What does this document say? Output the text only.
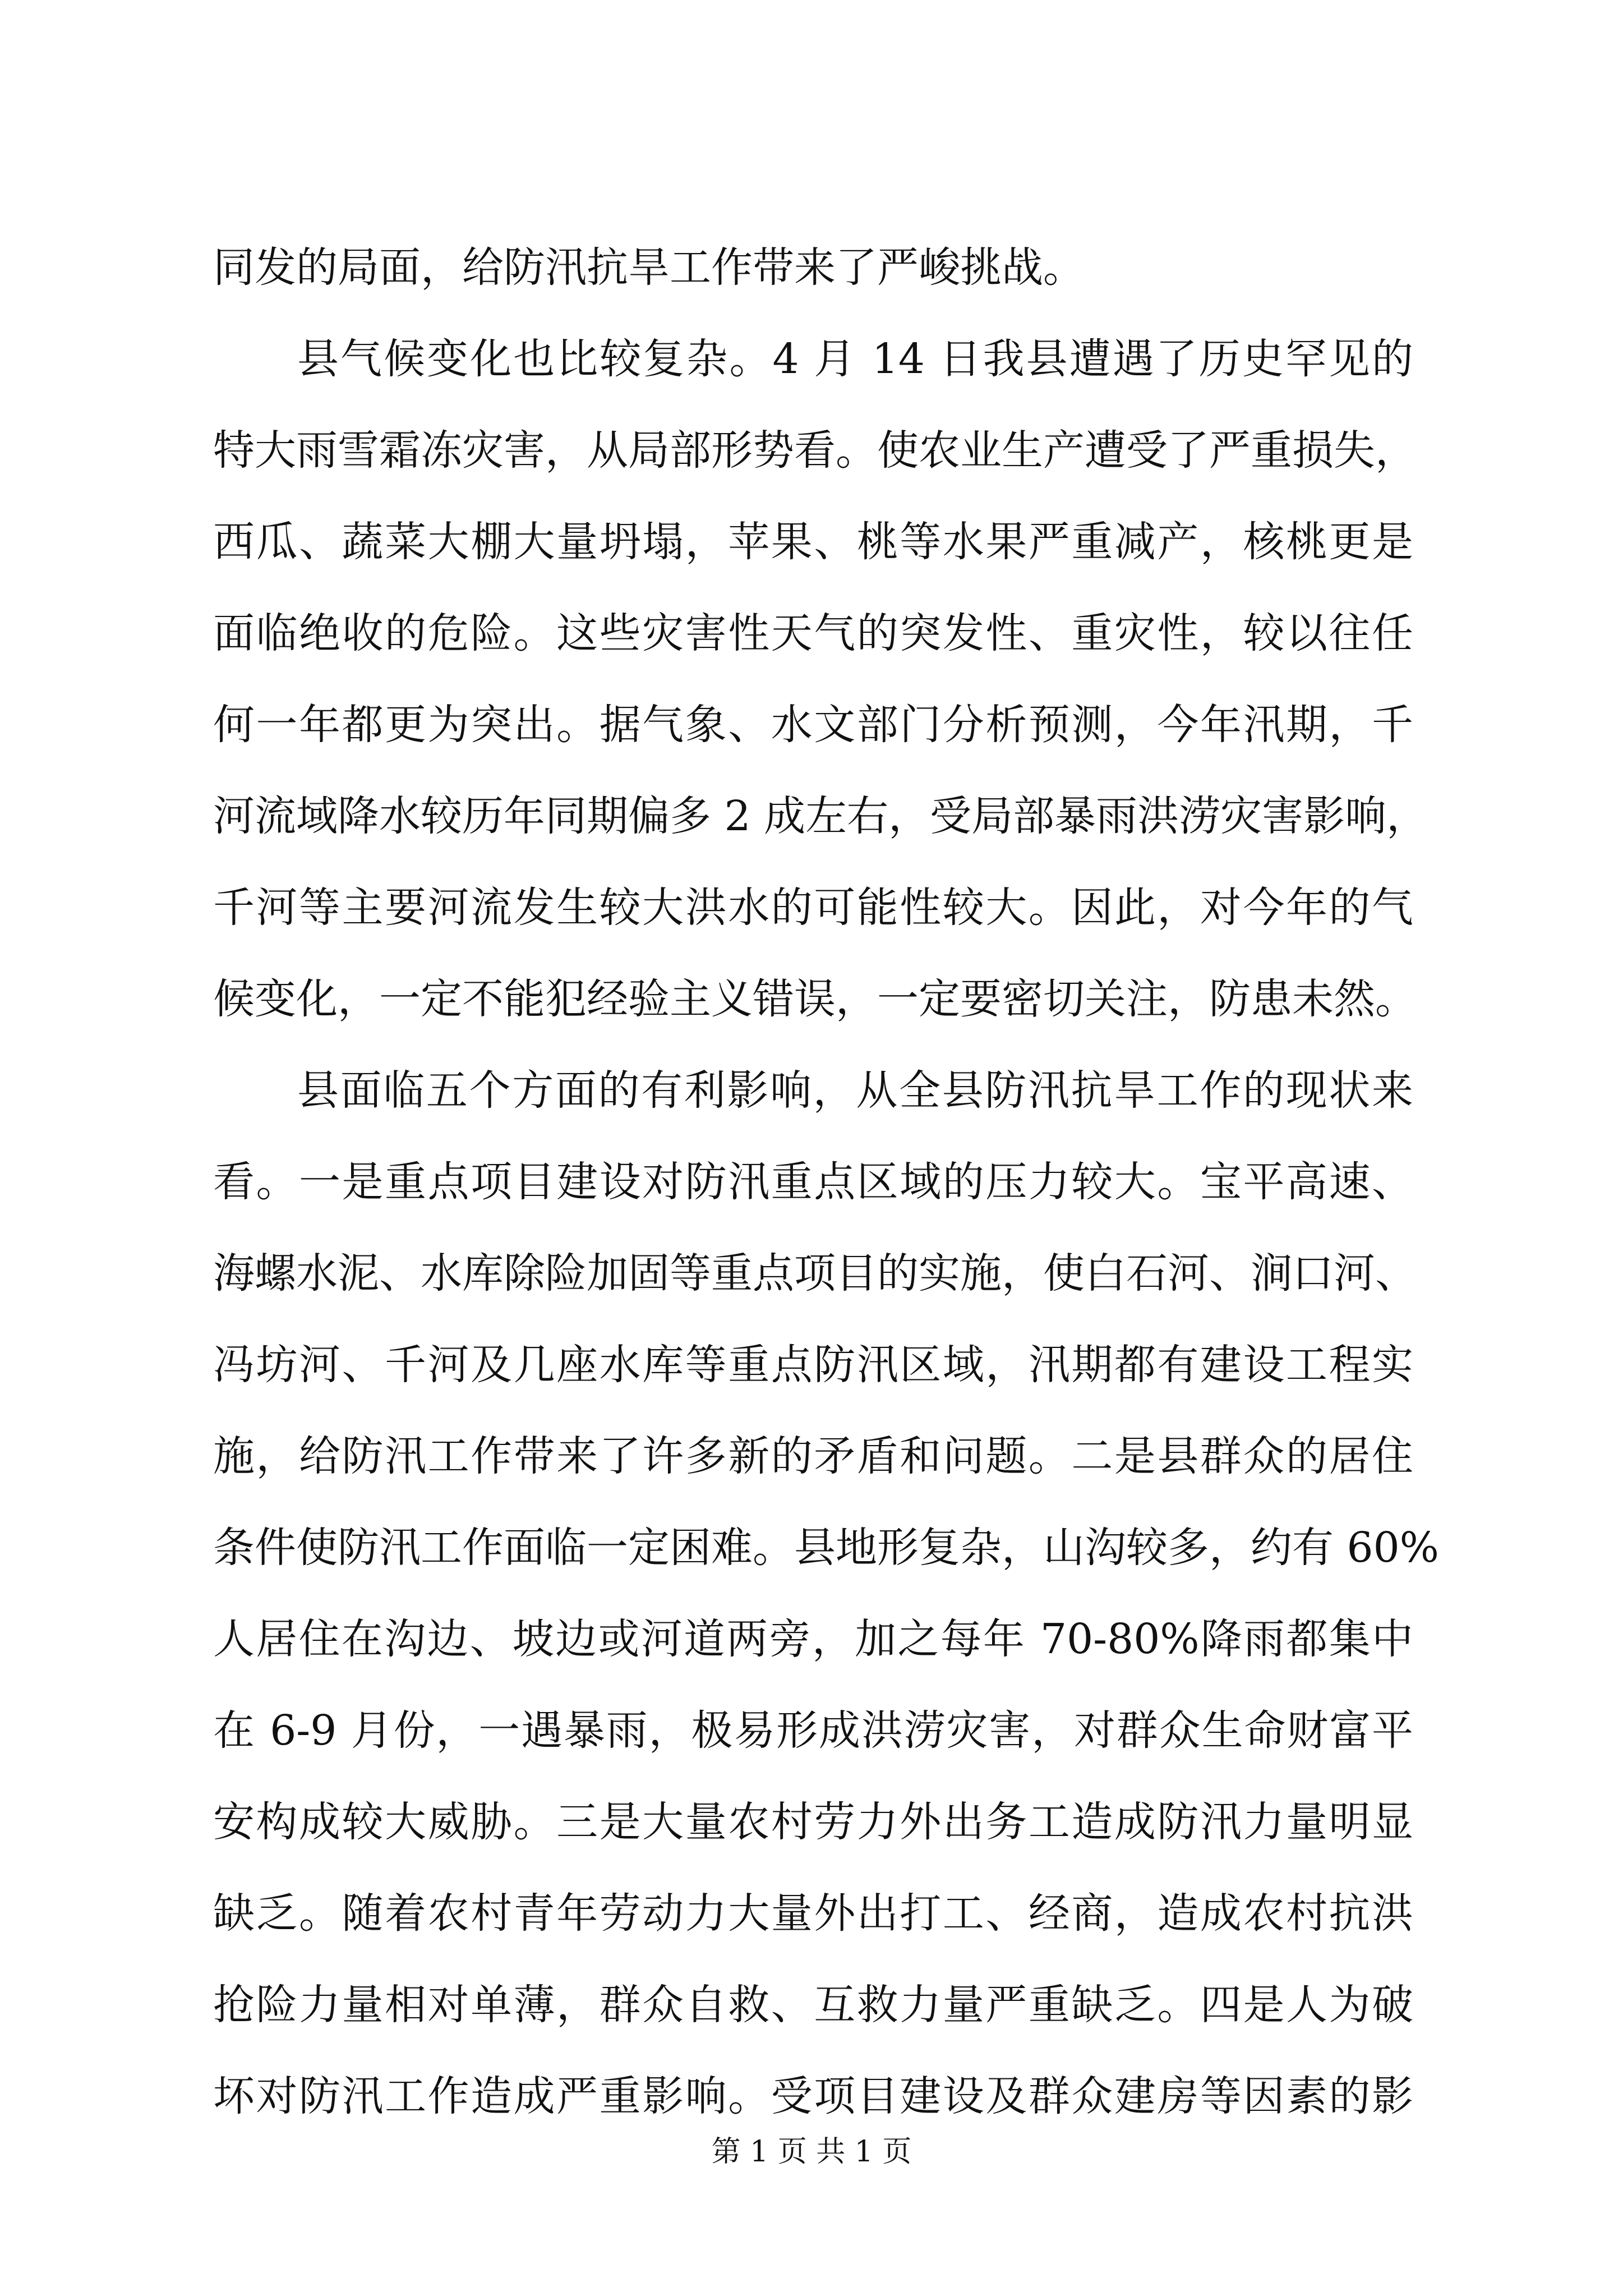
同发的局面，给防汛抗旱工作带来了严峻挑战。
县气候变化也比较复杂。4 月 14 日我县遭遇了历史罕见的
特大雨雪霜冻灾害，从局部形势看。使农业生产遭受了严重损失，
西瓜、蔬菜大棚大量坍塌，苹果、桃等水果严重减产，核桃更是
面临绝收的危险。这些灾害性天气的突发性、重灾性，较以往任
何一年都更为突出。据气象、水文部门分析预测，今年汛期，千
河流域降水较历年同期偏多 2 成左右，受局部暴雨洪涝灾害影响，
千河等主要河流发生较大洪水的可能性较大。因此，对今年的气
候变化，一定不能犯经验主义错误，一定要密切关注，防患未然。
县面临五个方面的有利影响，从全县防汛抗旱工作的现状来
看。一是重点项目建设对防汛重点区域的压力较大。宝平高速、
海螺水泥、水库除险加固等重点项目的实施，使白石河、涧口河、
冯坊河、千河及几座水库等重点防汛区域，汛期都有建设工程实
施，给防汛工作带来了许多新的矛盾和问题。二是县群众的居住
条件使防汛工作面临一定困难。县地形复杂，山沟较多，约有 60%
人居住在沟边、坡边或河道两旁，加之每年 70-80%降雨都集中
在 6-9 月份，一遇暴雨，极易形成洪涝灾害，对群众生命财富平
安构成较大威胁。三是大量农村劳力外出务工造成防汛力量明显
缺乏。随着农村青年劳动力大量外出打工、经商，造成农村抗洪
抢险力量相对单薄，群众自救、互救力量严重缺乏。四是人为破
坏对防汛工作造成严重影响。受项目建设及群众建房等因素的影
第 1 页 共 1 页
